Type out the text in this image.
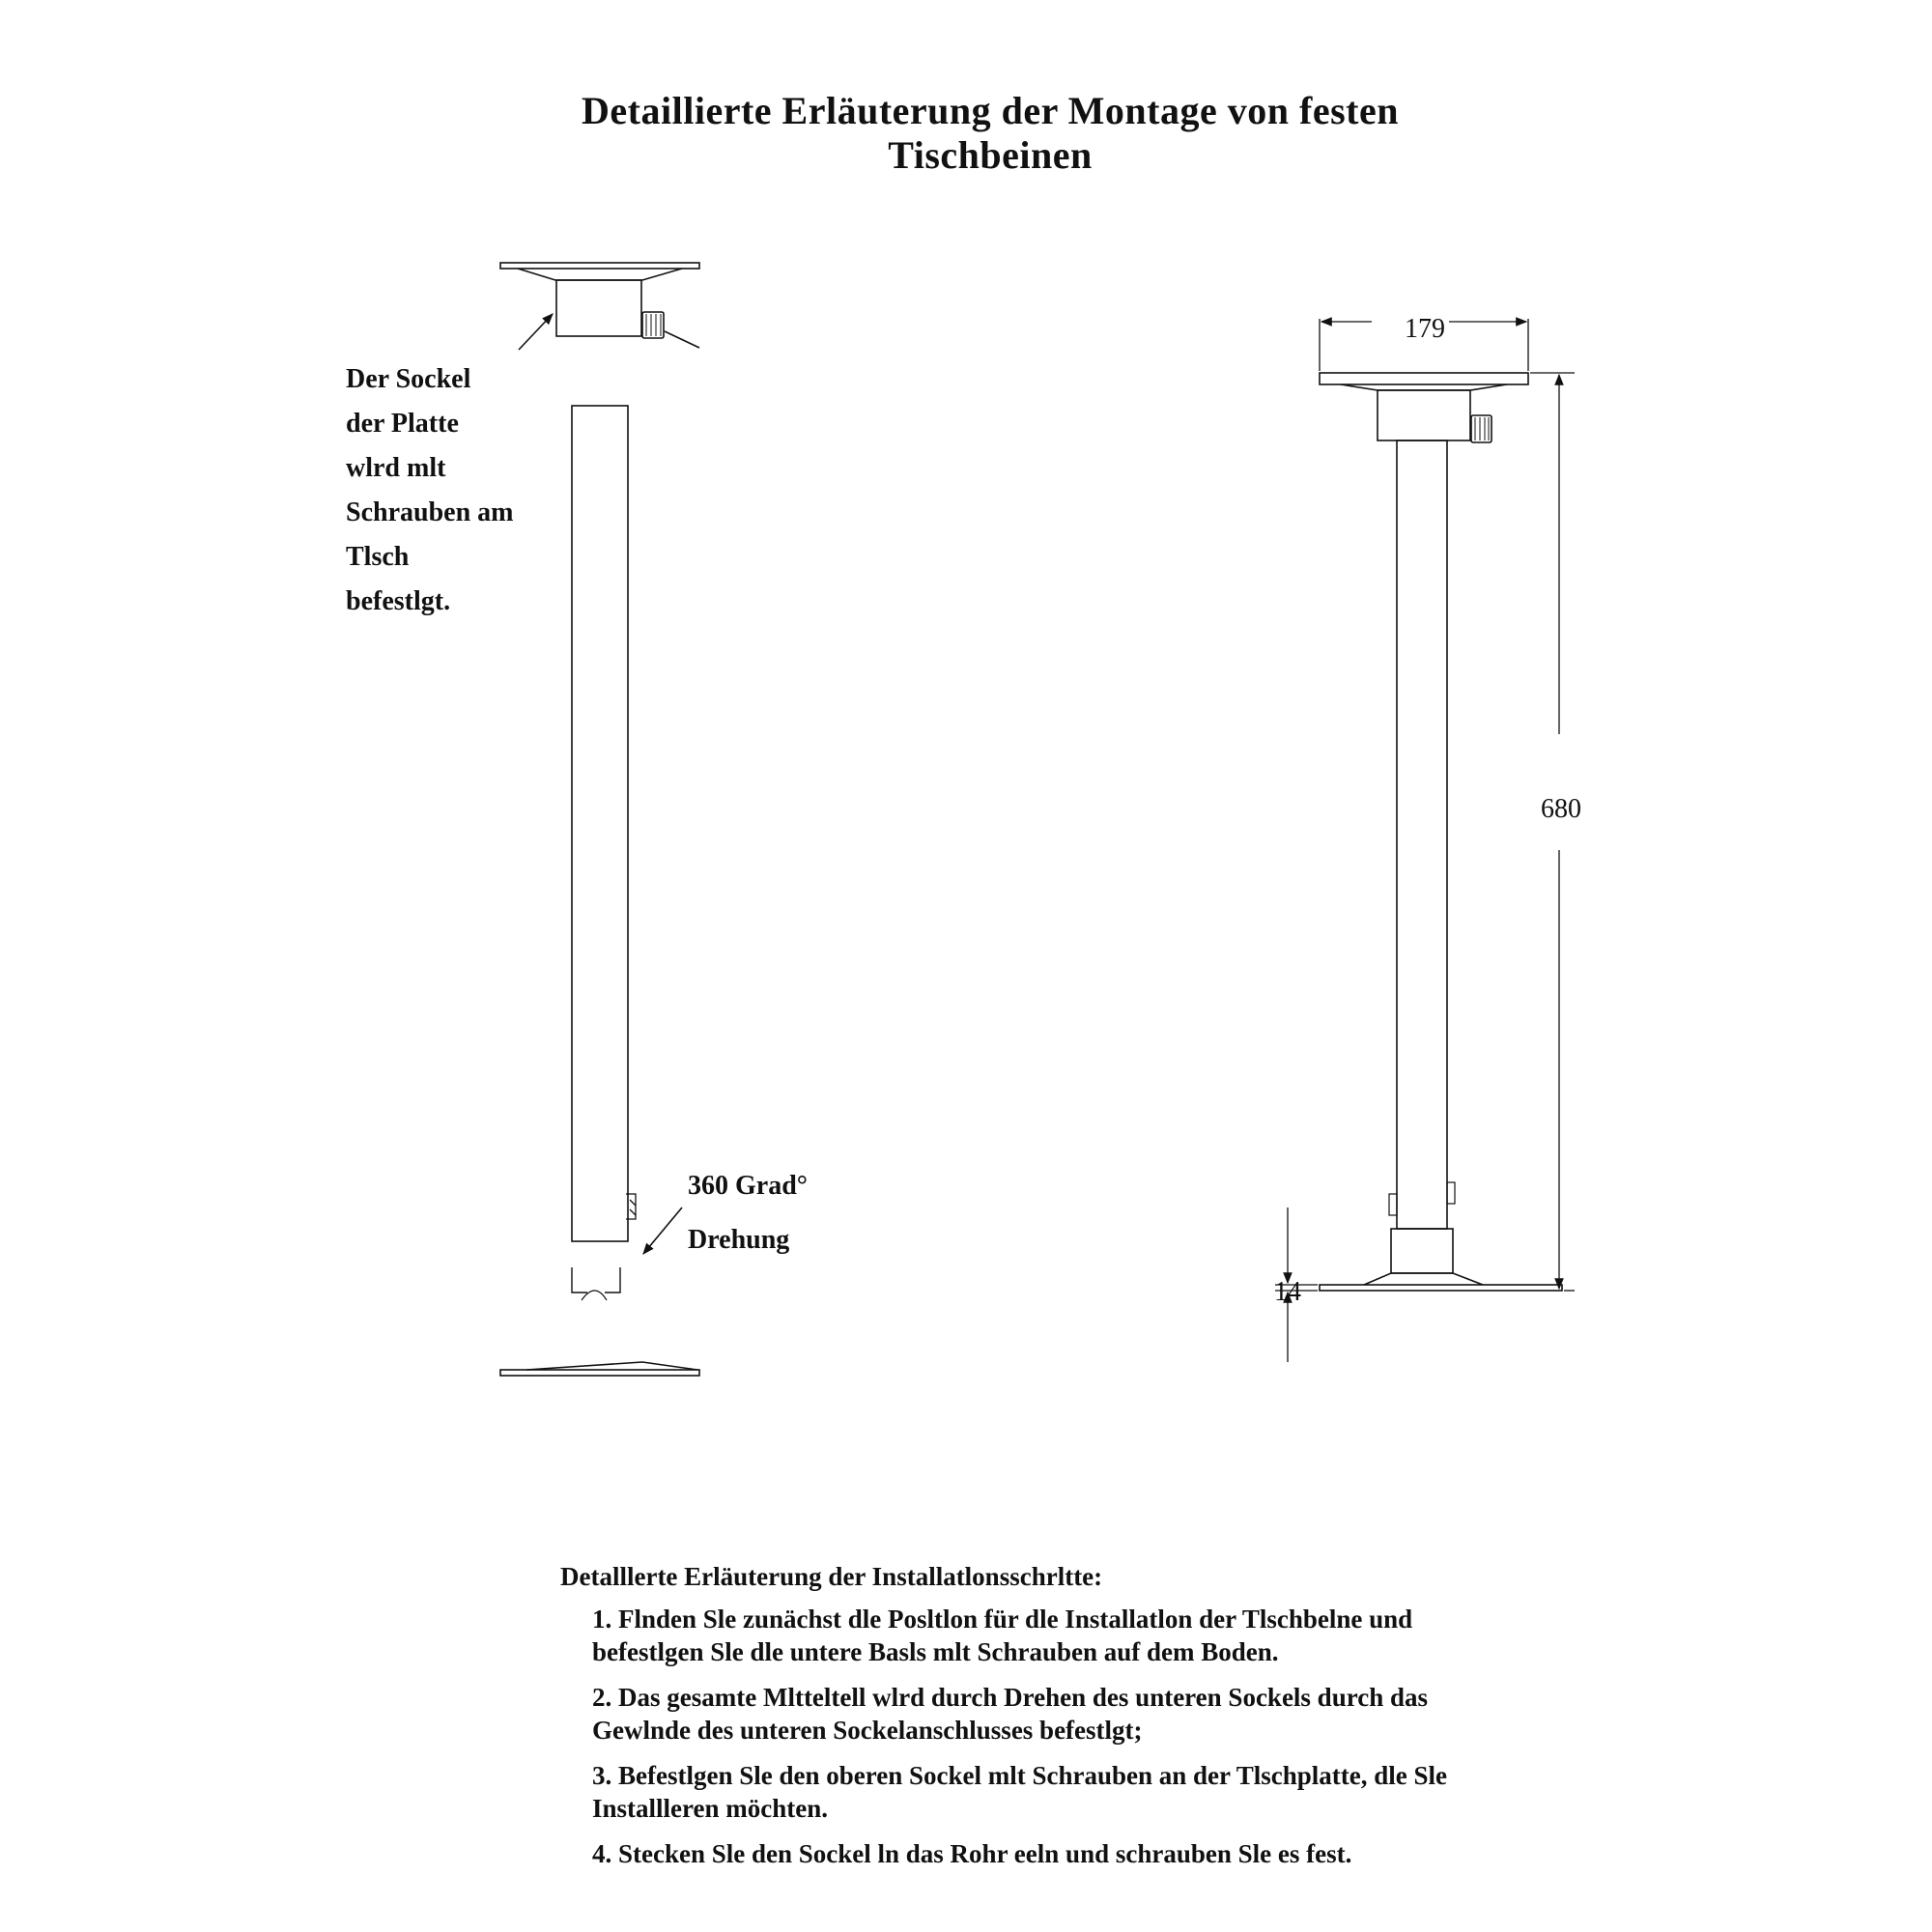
Detaillierte Erläuterung der Montage von festen
Tischbeinen
179
680
14

Der Sockel
der Platte
wlrd mlt
Schrauben am
Tlsch
befestlgt.

360 Grad°
Drehung

Detalllerte Erläuterung der Installatlonsschrltte:
1. Flnden Sle zunächst dle Posltlon für dle Installatlon der Tlschbelne und
befestlgen Sle dle untere Basls mlt Schrauben auf dem Boden.
2. Das gesamte Mltteltell wlrd durch Drehen des unteren Sockels durch das
Gewlnde des unteren Sockelanschlusses befestlgt;
3. Befestlgen Sle den oberen Sockel mlt Schrauben an der Tlschplatte, dle Sle
Installleren möchten.
4. Stecken Sle den Sockel ln das Rohr eeln und schrauben Sle es fest.
